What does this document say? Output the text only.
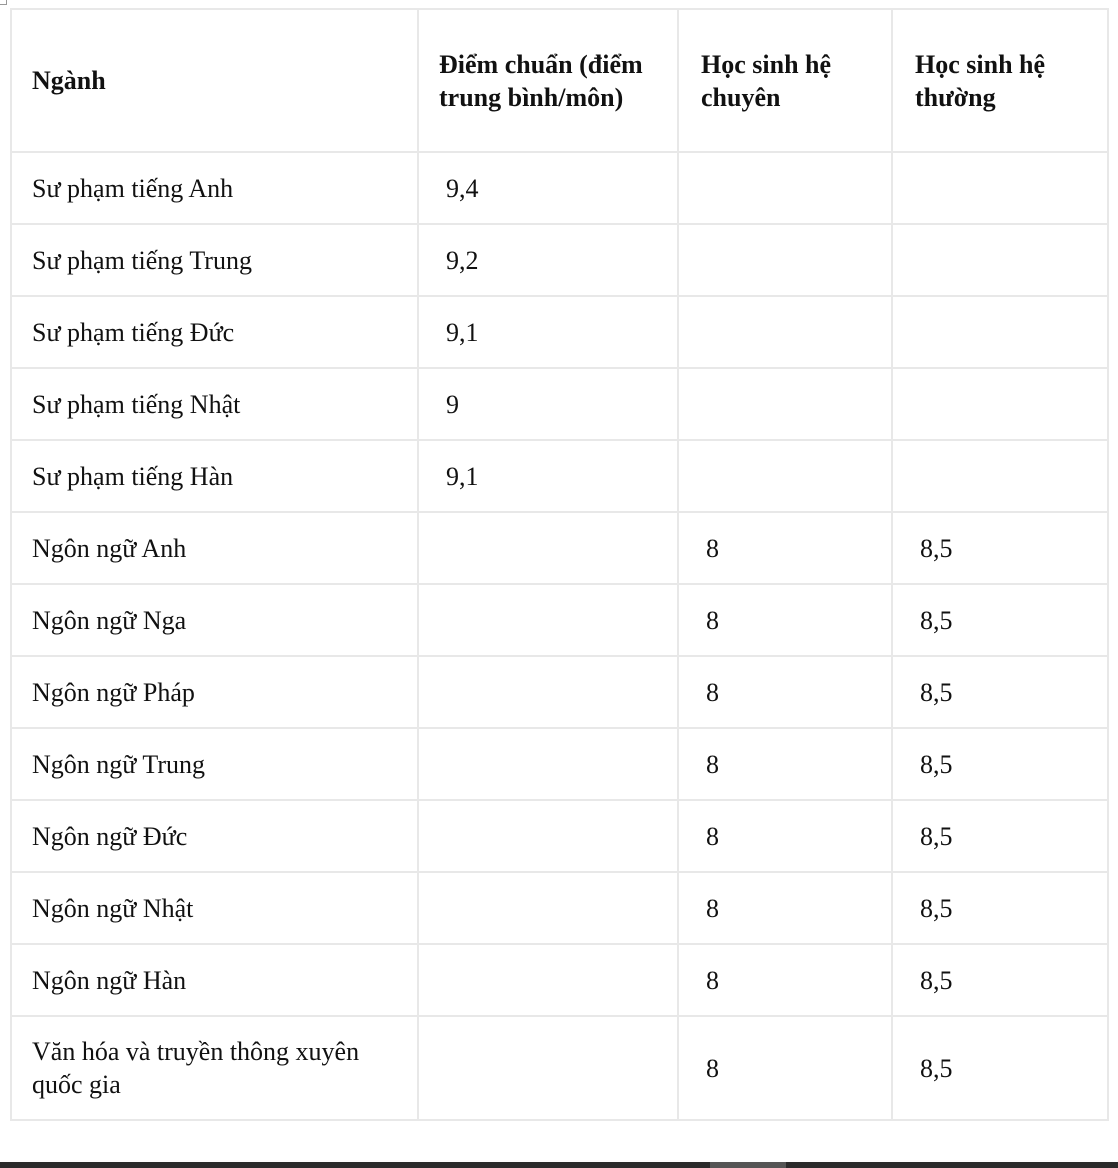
Ngành	Điểm chuẩn (điểm trung bình/môn)	Học sinh hệ chuyên	Học sinh hệ thường
Sư phạm tiếng Anh	9,4		
Sư phạm tiếng Trung	9,2		
Sư phạm tiếng Đức	9,1		
Sư phạm tiếng Nhật	9		
Sư phạm tiếng Hàn	9,1		
Ngôn ngữ Anh		8	8,5
Ngôn ngữ Nga		8	8,5
Ngôn ngữ Pháp		8	8,5
Ngôn ngữ Trung		8	8,5
Ngôn ngữ Đức		8	8,5
Ngôn ngữ Nhật		8	8,5
Ngôn ngữ Hàn		8	8,5
Văn hóa và truyền thông xuyên quốc gia		8	8,5
